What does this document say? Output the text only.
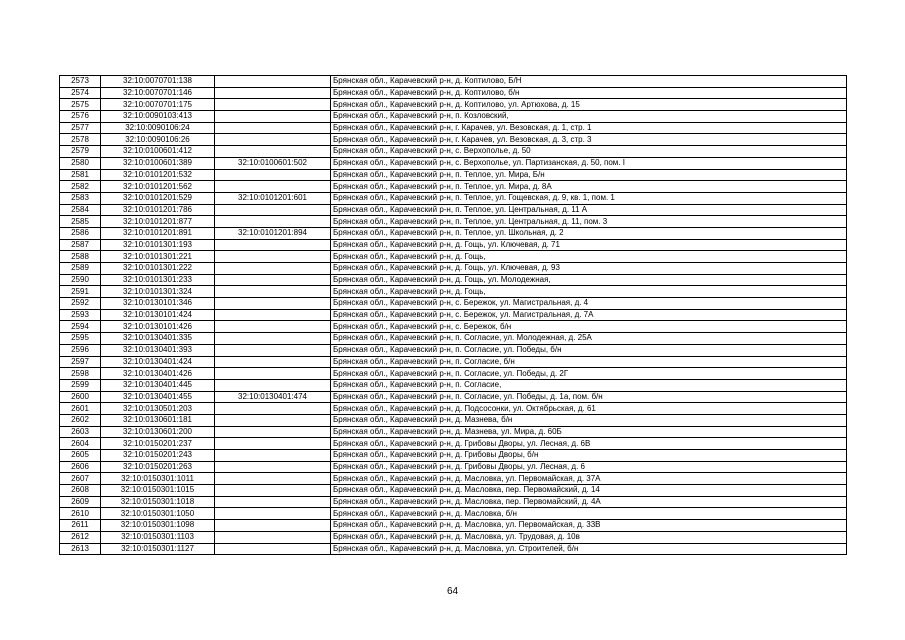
2573	32:10:0070701:138		Брянская обл., Карачевский р-н, д. Коптилово, Б/Н
2574	32:10:0070701:146		Брянская обл., Карачевский р-н, д. Коптилово, б/н
2575	32:10:0070701:175		Брянская обл., Карачевский р-н, д. Коптилово, ул. Артюхова, д. 15
2576	32:10:0090103:413		Брянская обл., Карачевский р-н, п. Козловский,
2577	32:10:0090106:24		Брянская обл., Карачевский р-н, г. Карачев, ул. Везовская, д. 1, стр. 1
2578	32:10:0090106:26		Брянская обл., Карачевский р-н, г. Карачев, ул. Везовская, д. 3, стр. 3
2579	32:10:0100601:412		Брянская обл., Карачевский р-н, с. Верхополье, д. 50
2580	32:10:0100601:389	32:10:0100601:502	Брянская обл., Карачевский р-н, с. Верхополье, ул. Партизанская, д. 50, пом. I
2581	32:10:0101201:532		Брянская обл., Карачевский р-н, п. Теплое, ул. Мира, Б/н
2582	32:10:0101201:562		Брянская обл., Карачевский р-н, п. Теплое, ул. Мира, д. 8А
2583	32:10:0101201:529	32:10:0101201:601	Брянская обл., Карачевский р-н, п. Теплое, ул. Гощевская, д. 9, кв. 1, пом. 1
2584	32:10:0101201:786		Брянская обл., Карачевский р-н, п. Теплое, ул. Центральная, д. 11 А
2585	32:10:0101201:877		Брянская обл., Карачевский р-н, п. Теплое, ул. Центральная, д. 11, пом. 3
2586	32:10:0101201:891	32:10:0101201:894	Брянская обл., Карачевский р-н, п. Теплое, ул. Школьная, д. 2
2587	32:10:0101301:193		Брянская обл., Карачевский р-н, д. Гощь, ул. Ключевая, д. 71
2588	32:10:0101301:221		Брянская обл., Карачевский р-н, д. Гощь,
2589	32:10:0101301:222		Брянская обл., Карачевский р-н, д. Гощь, ул. Ключевая, д. 93
2590	32:10:0101301:233		Брянская обл., Карачевский р-н, д. Гощь, ул. Молодежная,
2591	32:10:0101301:324		Брянская обл., Карачевский р-н, д. Гощь,
2592	32:10:0130101:346		Брянская обл., Карачевский р-н, с. Бережок, ул. Магистральная, д. 4
2593	32:10:0130101:424		Брянская обл., Карачевский р-н, с. Бережок, ул. Магистральная, д. 7А
2594	32:10:0130101:426		Брянская обл., Карачевский р-н, с. Бережок, б/н
2595	32:10:0130401:335		Брянская обл., Карачевский р-н, п. Согласие, ул. Молодежная, д. 25А
2596	32:10:0130401:393		Брянская обл., Карачевский р-н, п. Согласие, ул. Победы, б/н
2597	32:10:0130401:424		Брянская обл., Карачевский р-н, п. Согласие, б/н
2598	32:10:0130401:426		Брянская обл., Карачевский р-н, п. Согласие, ул. Победы, д. 2Г
2599	32:10:0130401:445		Брянская обл., Карачевский р-н, п. Согласие,
2600	32:10:0130401:455	32:10:0130401:474	Брянская обл., Карачевский р-н, п. Согласие, ул. Победы, д. 1а, пом. б/н
2601	32:10:0130501:203		Брянская обл., Карачевский р-н, д. Подсосонки, ул. Октябрьская, д. 61
2602	32:10:0130601:181		Брянская обл., Карачевский р-н, д. Мазнева, б/н
2603	32:10:0130601:200		Брянская обл., Карачевский р-н, д. Мазнева, ул. Мира, д. 60Б
2604	32:10:0150201:237		Брянская обл., Карачевский р-н, д. Грибовы Дворы, ул. Лесная, д. 6В
2605	32:10:0150201:243		Брянская обл., Карачевский р-н, д. Грибовы Дворы, б/н
2606	32:10:0150201:263		Брянская обл., Карачевский р-н, д. Грибовы Дворы, ул. Лесная, д. 6
2607	32:10:0150301:1011		Брянская обл., Карачевский р-н, д. Масловка, ул. Первомайская, д. 37А
2608	32:10:0150301:1015		Брянская обл., Карачевский р-н, д. Масловка, пер. Первомайский, д. 14
2609	32:10:0150301:1018		Брянская обл., Карачевский р-н, д. Масловка, пер. Первомайский, д. 4А
2610	32:10:0150301:1050		Брянская обл., Карачевский р-н, д. Масловка, б/н
2611	32:10:0150301:1098		Брянская обл., Карачевский р-н, д. Масловка, ул. Первомайская, д. 33В
2612	32:10:0150301:1103		Брянская обл., Карачевский р-н, д. Масловка, ул. Трудовая, д. 10в
2613	32:10:0150301:1127		Брянская обл., Карачевский р-н, д. Масловка, ул. Строителей, б/н
64
